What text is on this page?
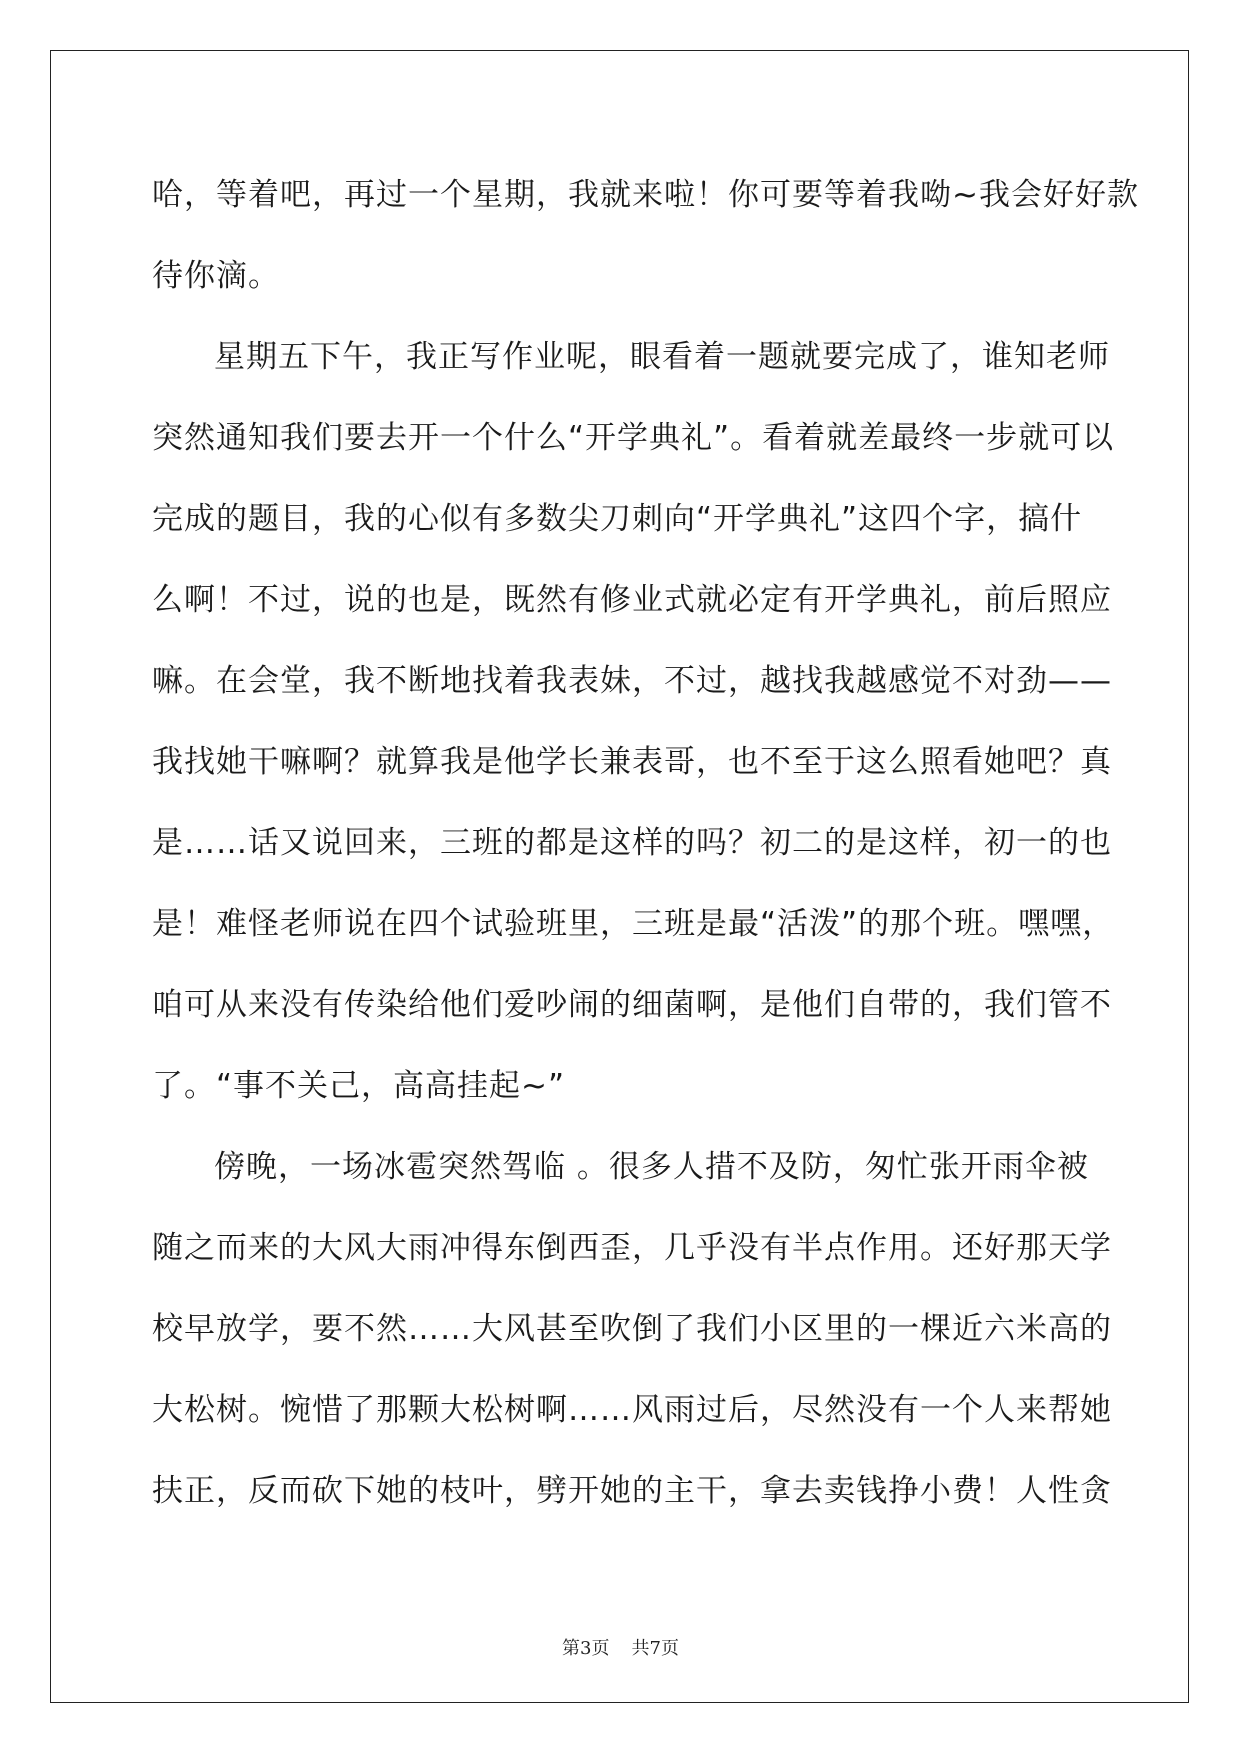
哈，等着吧，再过一个星期，我就来啦！你可要等着我呦~我会好好款
待你滴。
星期五下午，我正写作业呢，眼看着一题就要完成了，谁知老师
突然通知我们要去开一个什么“开学典礼”。看着就差最终一步就可以
完成的题目，我的心似有多数尖刀刺向“开学典礼”这四个字，搞什
么啊！不过，说的也是，既然有修业式就必定有开学典礼，前后照应
嘛。在会堂，我不断地找着我表妹，不过，越找我越感觉不对劲——
我找她干嘛啊？就算我是他学长兼表哥，也不至于这么照看她吧？真
是……话又说回来，三班的都是这样的吗？初二的是这样，初一的也
是！难怪老师说在四个试验班里，三班是最“活泼”的那个班。嘿嘿，
咱可从来没有传染给他们爱吵闹的细菌啊，是他们自带的，我们管不
了。“事不关己，高高挂起~”
傍晚，一场冰雹突然驾临 。很多人措不及防，匆忙张开雨伞被
随之而来的大风大雨冲得东倒西歪，几乎没有半点作用。还好那天学
校早放学，要不然……大风甚至吹倒了我们小区里的一棵近六米高的
大松树。惋惜了那颗大松树啊……风雨过后，尽然没有一个人来帮她
扶正，反而砍下她的枝叶，劈开她的主干，拿去卖钱挣小费！人性贪
第3页 共7页
